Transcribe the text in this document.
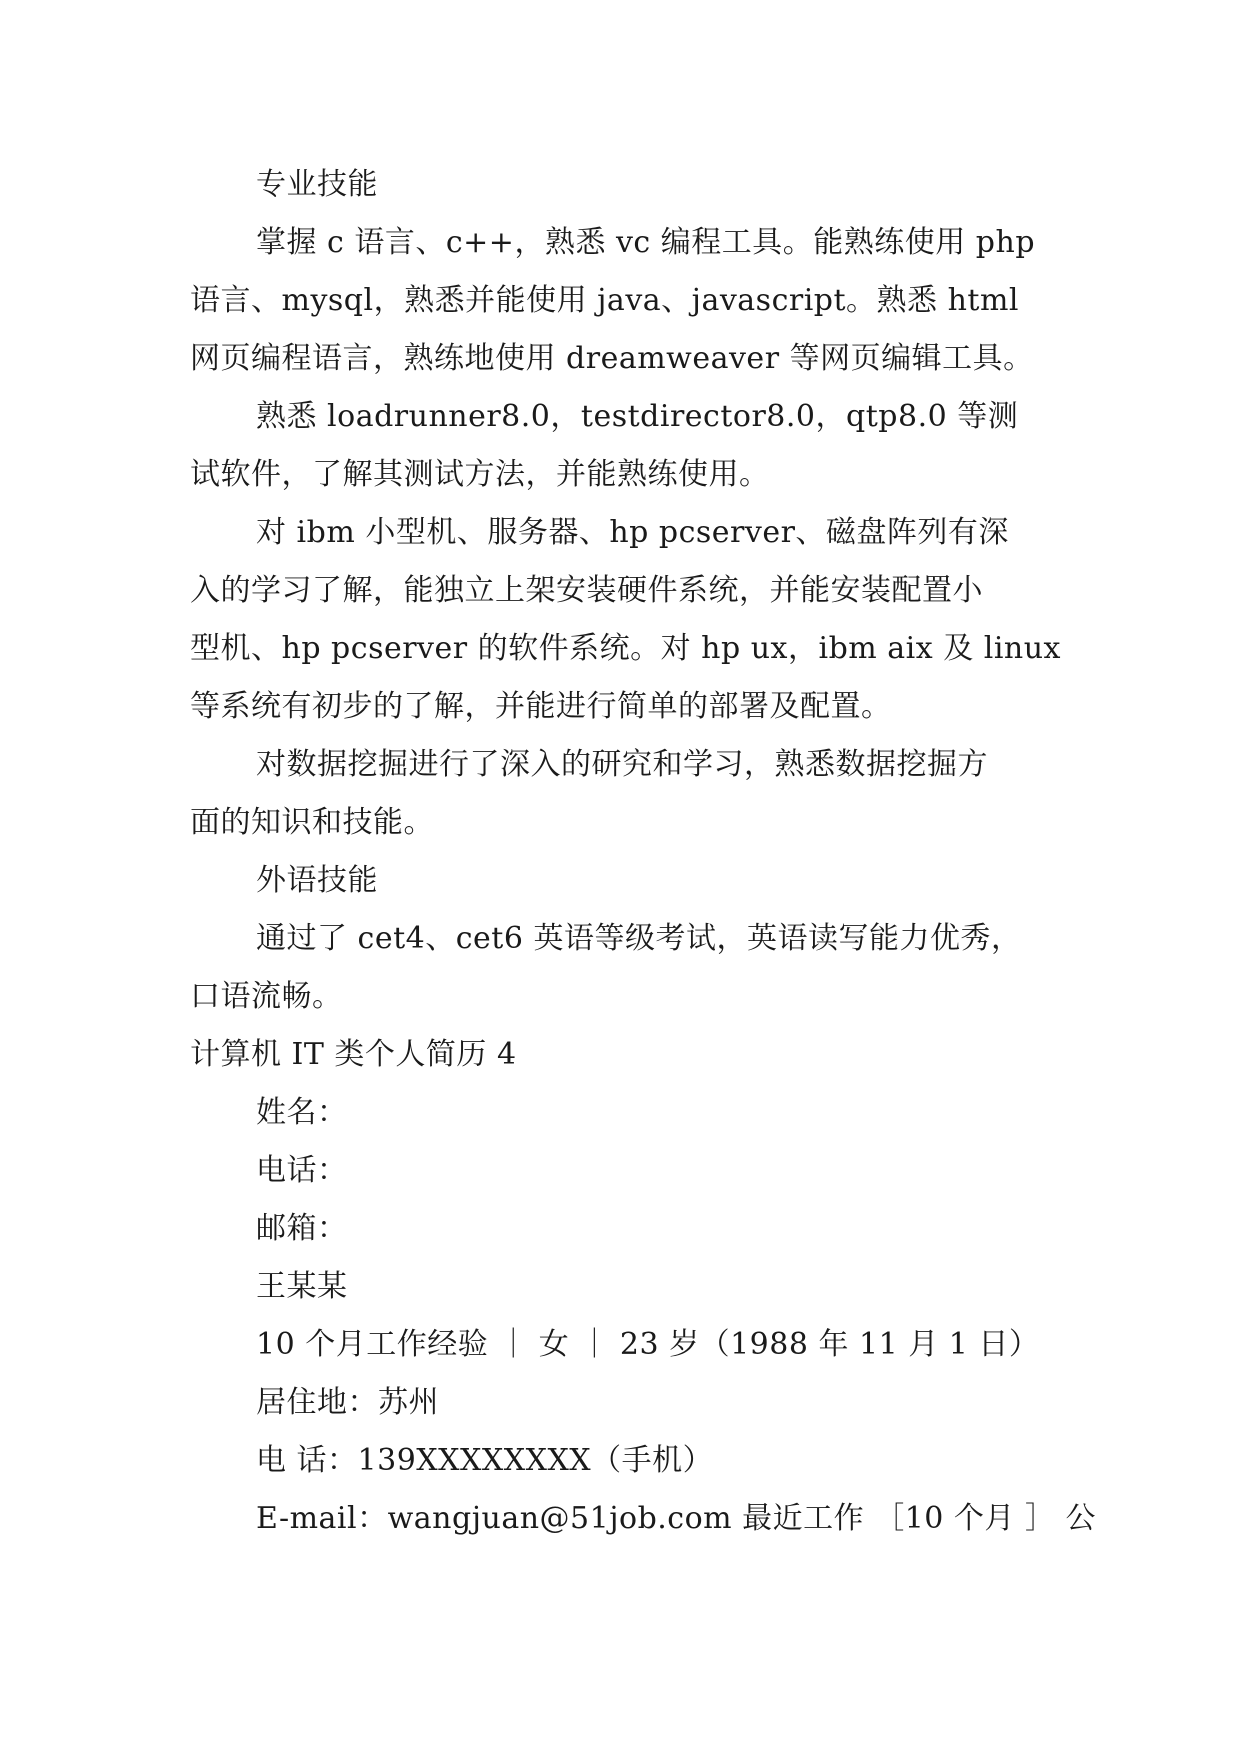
专业技能
掌握 c 语言、c++，熟悉 vc 编程工具。能熟练使用 php
语言、mysql，熟悉并能使用 java、javascript。熟悉 html
网页编程语言，熟练地使用 dreamweaver 等网页编辑工具。
熟悉 loadrunner8.0，testdirector8.0，qtp8.0 等测
试软件，了解其测试方法，并能熟练使用。
对 ibm 小型机、服务器、hp pcserver、磁盘阵列有深
入的学习了解，能独立上架安装硬件系统，并能安装配置小
型机、hp pcserver 的软件系统。对 hp ux，ibm aix 及 linux
等系统有初步的了解，并能进行简单的部署及配置。
对数据挖掘进行了深入的研究和学习，熟悉数据挖掘方
面的知识和技能。
外语技能
通过了 cet4、cet6 英语等级考试，英语读写能力优秀，
口语流畅。
计算机 IT 类个人简历 4
姓名：
电话：
邮箱：
王某某
10 个月工作经验 ｜ 女 ｜ 23 岁（1988 年 11 月 1 日）
居住地：苏州
电 话：139XXXXXXXX（手机）
E-mail：wangjuan@51job.com 最近工作 ［10 个月 ］ 公
